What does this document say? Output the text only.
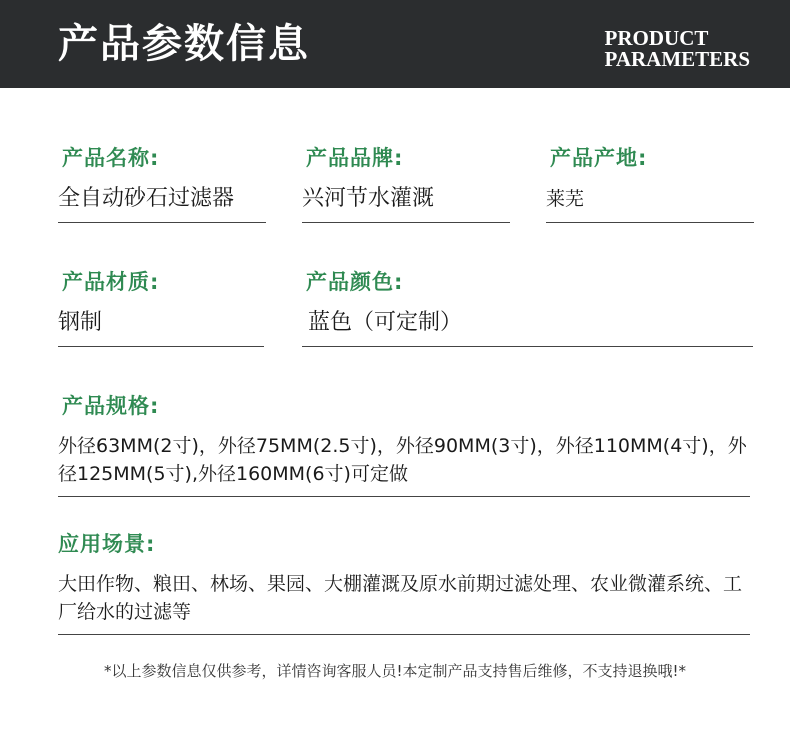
产品参数信息	PRODUCT
PARAMETERS
产品名称:
全自动砂石过滤器
产品品牌:
兴河节水灌溉
产品产地:
莱芜
产品材质:
钢制
产品颜色:
蓝色（可定制）
产品规格:
外径63MM(2寸)，外径75MM(2.5寸)，外径90MM(3寸)，外径110MM(4寸)，外径125MM(5寸),外径160MM(6寸)可定做
应用场景:
大田作物、粮田、林场、果园、大棚灌溉及原水前期过滤处理、农业微灌系统、工厂给水的过滤等
*以上参数信息仅供参考，详情咨询客服人员!本定制产品支持售后维修，不支持退换哦!*
